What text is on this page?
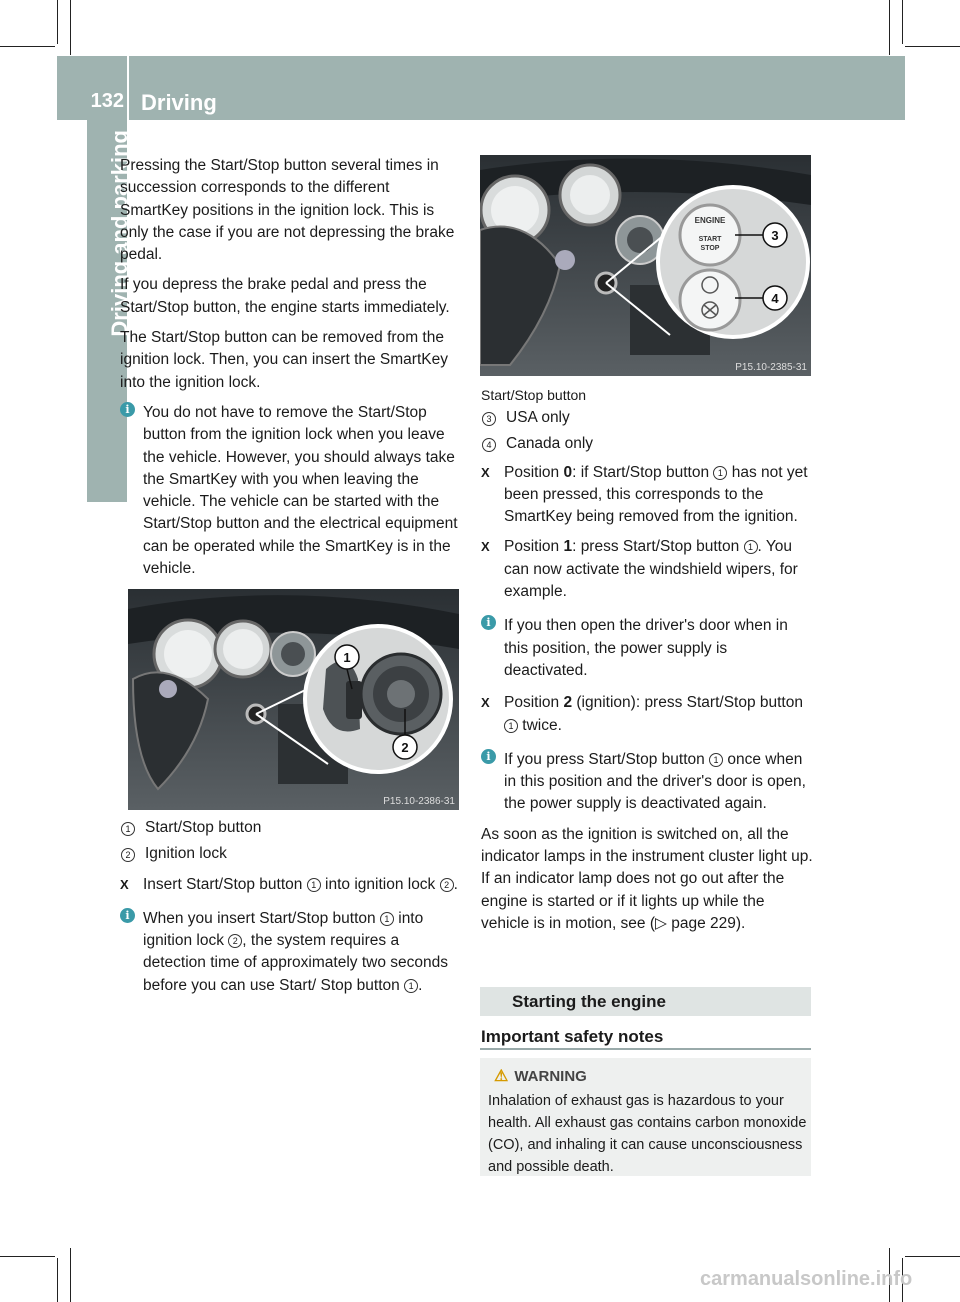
132 Driving
Driving and parking

Pressing the Start/Stop button several times in succession corresponds to the different SmartKey positions in the ignition lock. This is only the case if you are not depressing the brake pedal.

If you depress the brake pedal and press the Start/Stop button, the engine starts immediately.

The Start/Stop button can be removed from the ignition lock. Then, you can insert the SmartKey into the ignition lock.

i You do not have to remove the Start/Stop button from the ignition lock when you leave the vehicle. However, you should always take the SmartKey with you when leaving the vehicle. The vehicle can be started with the Start/Stop button and the electrical equipment can be operated while the SmartKey is in the vehicle.
1
2
P15.10-2386-31
1 Start/Stop button
2 Ignition lock
X Insert Start/Stop button 1 into ignition lock 2 .
i When you insert Start/Stop button 1 into ignition lock 2 , the system requires a detection time of approximately two seconds before you can use Start/ Stop button 1 .
ENGINE
START
STOP
3
4
P15.10-2385-31
Start/Stop button
3 USA only
4 Canada only
X Position 0: if Start/Stop button 1 has not yet been pressed, this corresponds to the SmartKey being removed from the ignition.
X Position 1: press Start/Stop button 1 . You can now activate the windshield wipers, for example.
i If you then open the driver's door when in this position, the power supply is deactivated.
X Position 2 (ignition): press Start/Stop button 1 twice.
i If you press Start/Stop button 1 once when in this position and the driver's door is open, the power supply is deactivated again.

As soon as the ignition is switched on, all the indicator lamps in the instrument cluster light up. If an indicator lamp does not go out after the engine is started or if it lights up while the vehicle is in motion, see (▷ page 229).

Starting the engine
Important safety notes
⚠ WARNING
Inhalation of exhaust gas is hazardous to your health. All exhaust gas contains carbon monoxide (CO), and inhaling it can cause unconsciousness and possible death.
carmanualsonline.info
